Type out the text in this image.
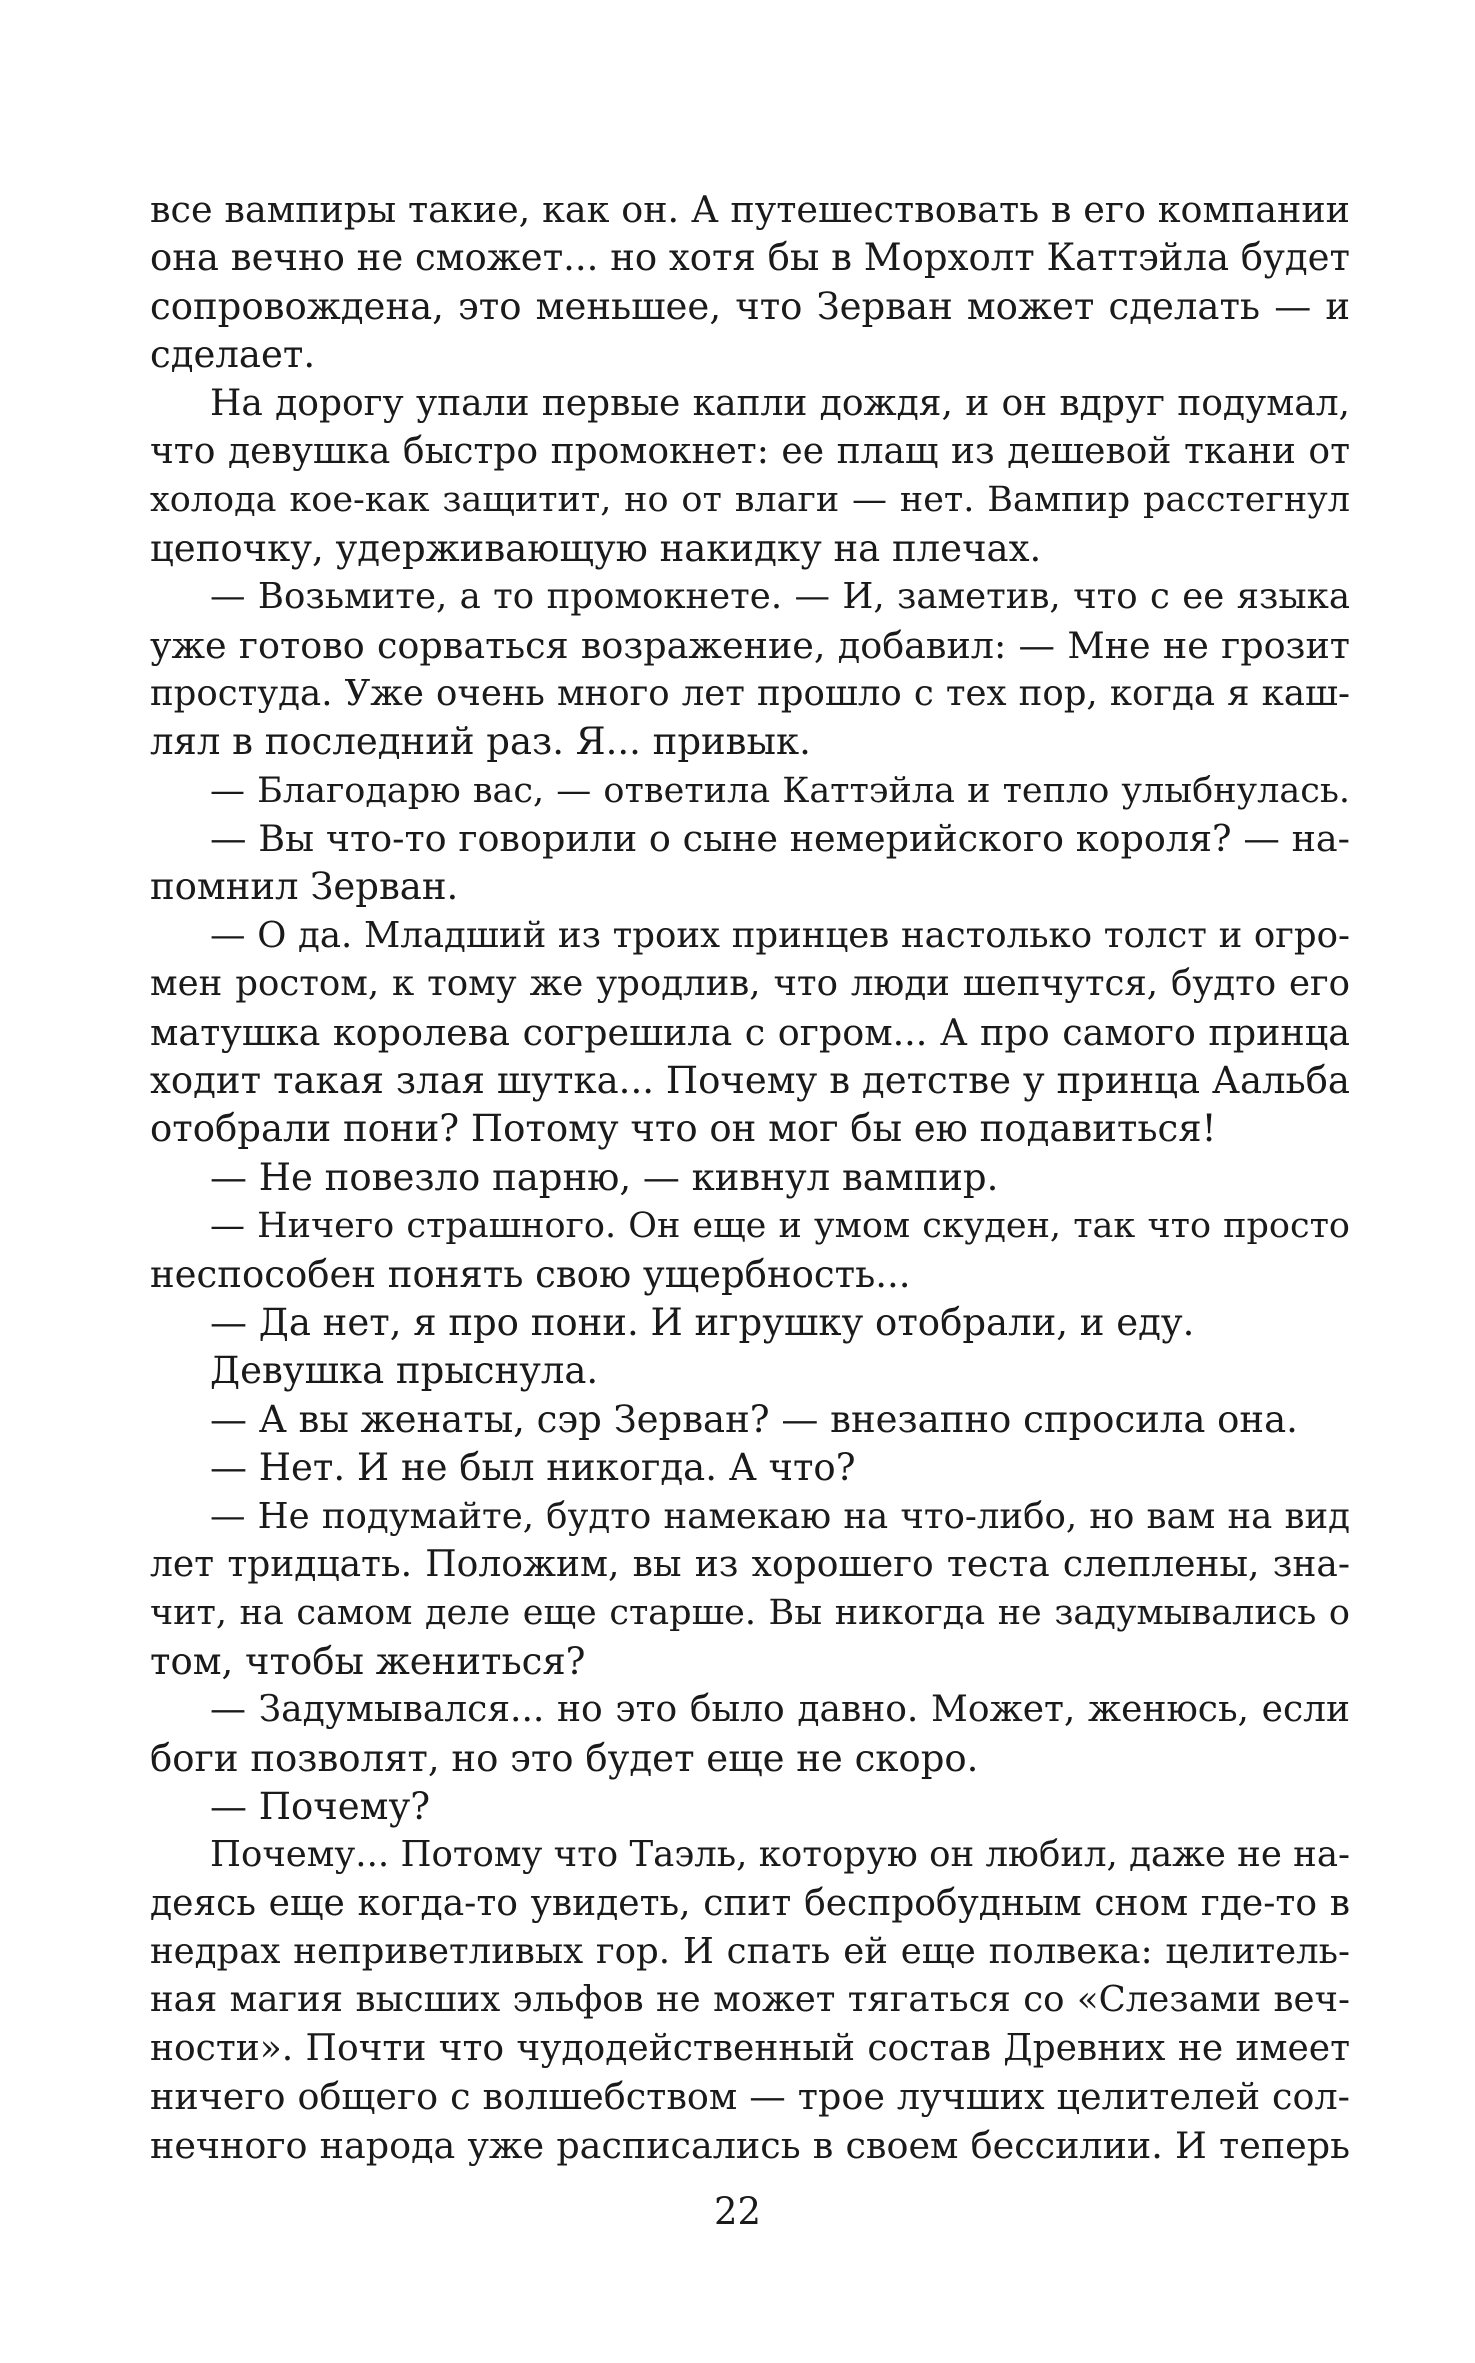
все вампиры такие, как он. А путешествовать в его компании
она вечно не сможет... но хотя бы в Морхолт Каттэйла будет
сопровождена, это меньшее, что Зерван может сделать — и
сделает.
На дорогу упали первые капли дождя, и он вдруг подумал,
что девушка быстро промокнет: ее плащ из дешевой ткани от
холода кое-как защитит, но от влаги — нет. Вампир расстегнул
цепочку, удерживающую накидку на плечах.
— Возьмите, а то промокнете. — И, заметив, что с ее языка
уже готово сорваться возражение, добавил: — Мне не грозит
простуда. Уже очень много лет прошло с тех пор, когда я каш-
лял в последний раз. Я... привык.
— Благодарю вас, — ответила Каттэйла и тепло улыбнулась.
— Вы что-то говорили о сыне немерийского короля? — на-
помнил Зерван.
— О да. Младший из троих принцев настолько толст и огро-
мен ростом, к тому же уродлив, что люди шепчутся, будто его
матушка королева согрешила с огром... А про самого принца
ходит такая злая шутка... Почему в детстве у принца Аальба
отобрали пони? Потому что он мог бы ею подавиться!
— Не повезло парню, — кивнул вампир.
— Ничего страшного. Он еще и умом скуден, так что просто
неспособен понять свою ущербность...
— Да нет, я про пони. И игрушку отобрали, и еду.
Девушка прыснула.
— А вы женаты, сэр Зерван? — внезапно спросила она.
— Нет. И не был никогда. А что?
— Не подумайте, будто намекаю на что-либо, но вам на вид
лет тридцать. Положим, вы из хорошего теста слеплены, зна-
чит, на самом деле еще старше. Вы никогда не задумывались о
том, чтобы жениться?
— Задумывался... но это было давно. Может, женюсь, если
боги позволят, но это будет еще не скоро.
— Почему?
Почему... Потому что Таэль, которую он любил, даже не на-
деясь еще когда-то увидеть, спит беспробудным сном где-то в
недрах неприветливых гор. И спать ей еще полвека: целитель-
ная магия высших эльфов не может тягаться со «Слезами веч-
ности». Почти что чудодейственный состав Древних не имеет
ничего общего с волшебством — трое лучших целителей сол-
нечного народа уже расписались в своем бессилии. И теперь
22
